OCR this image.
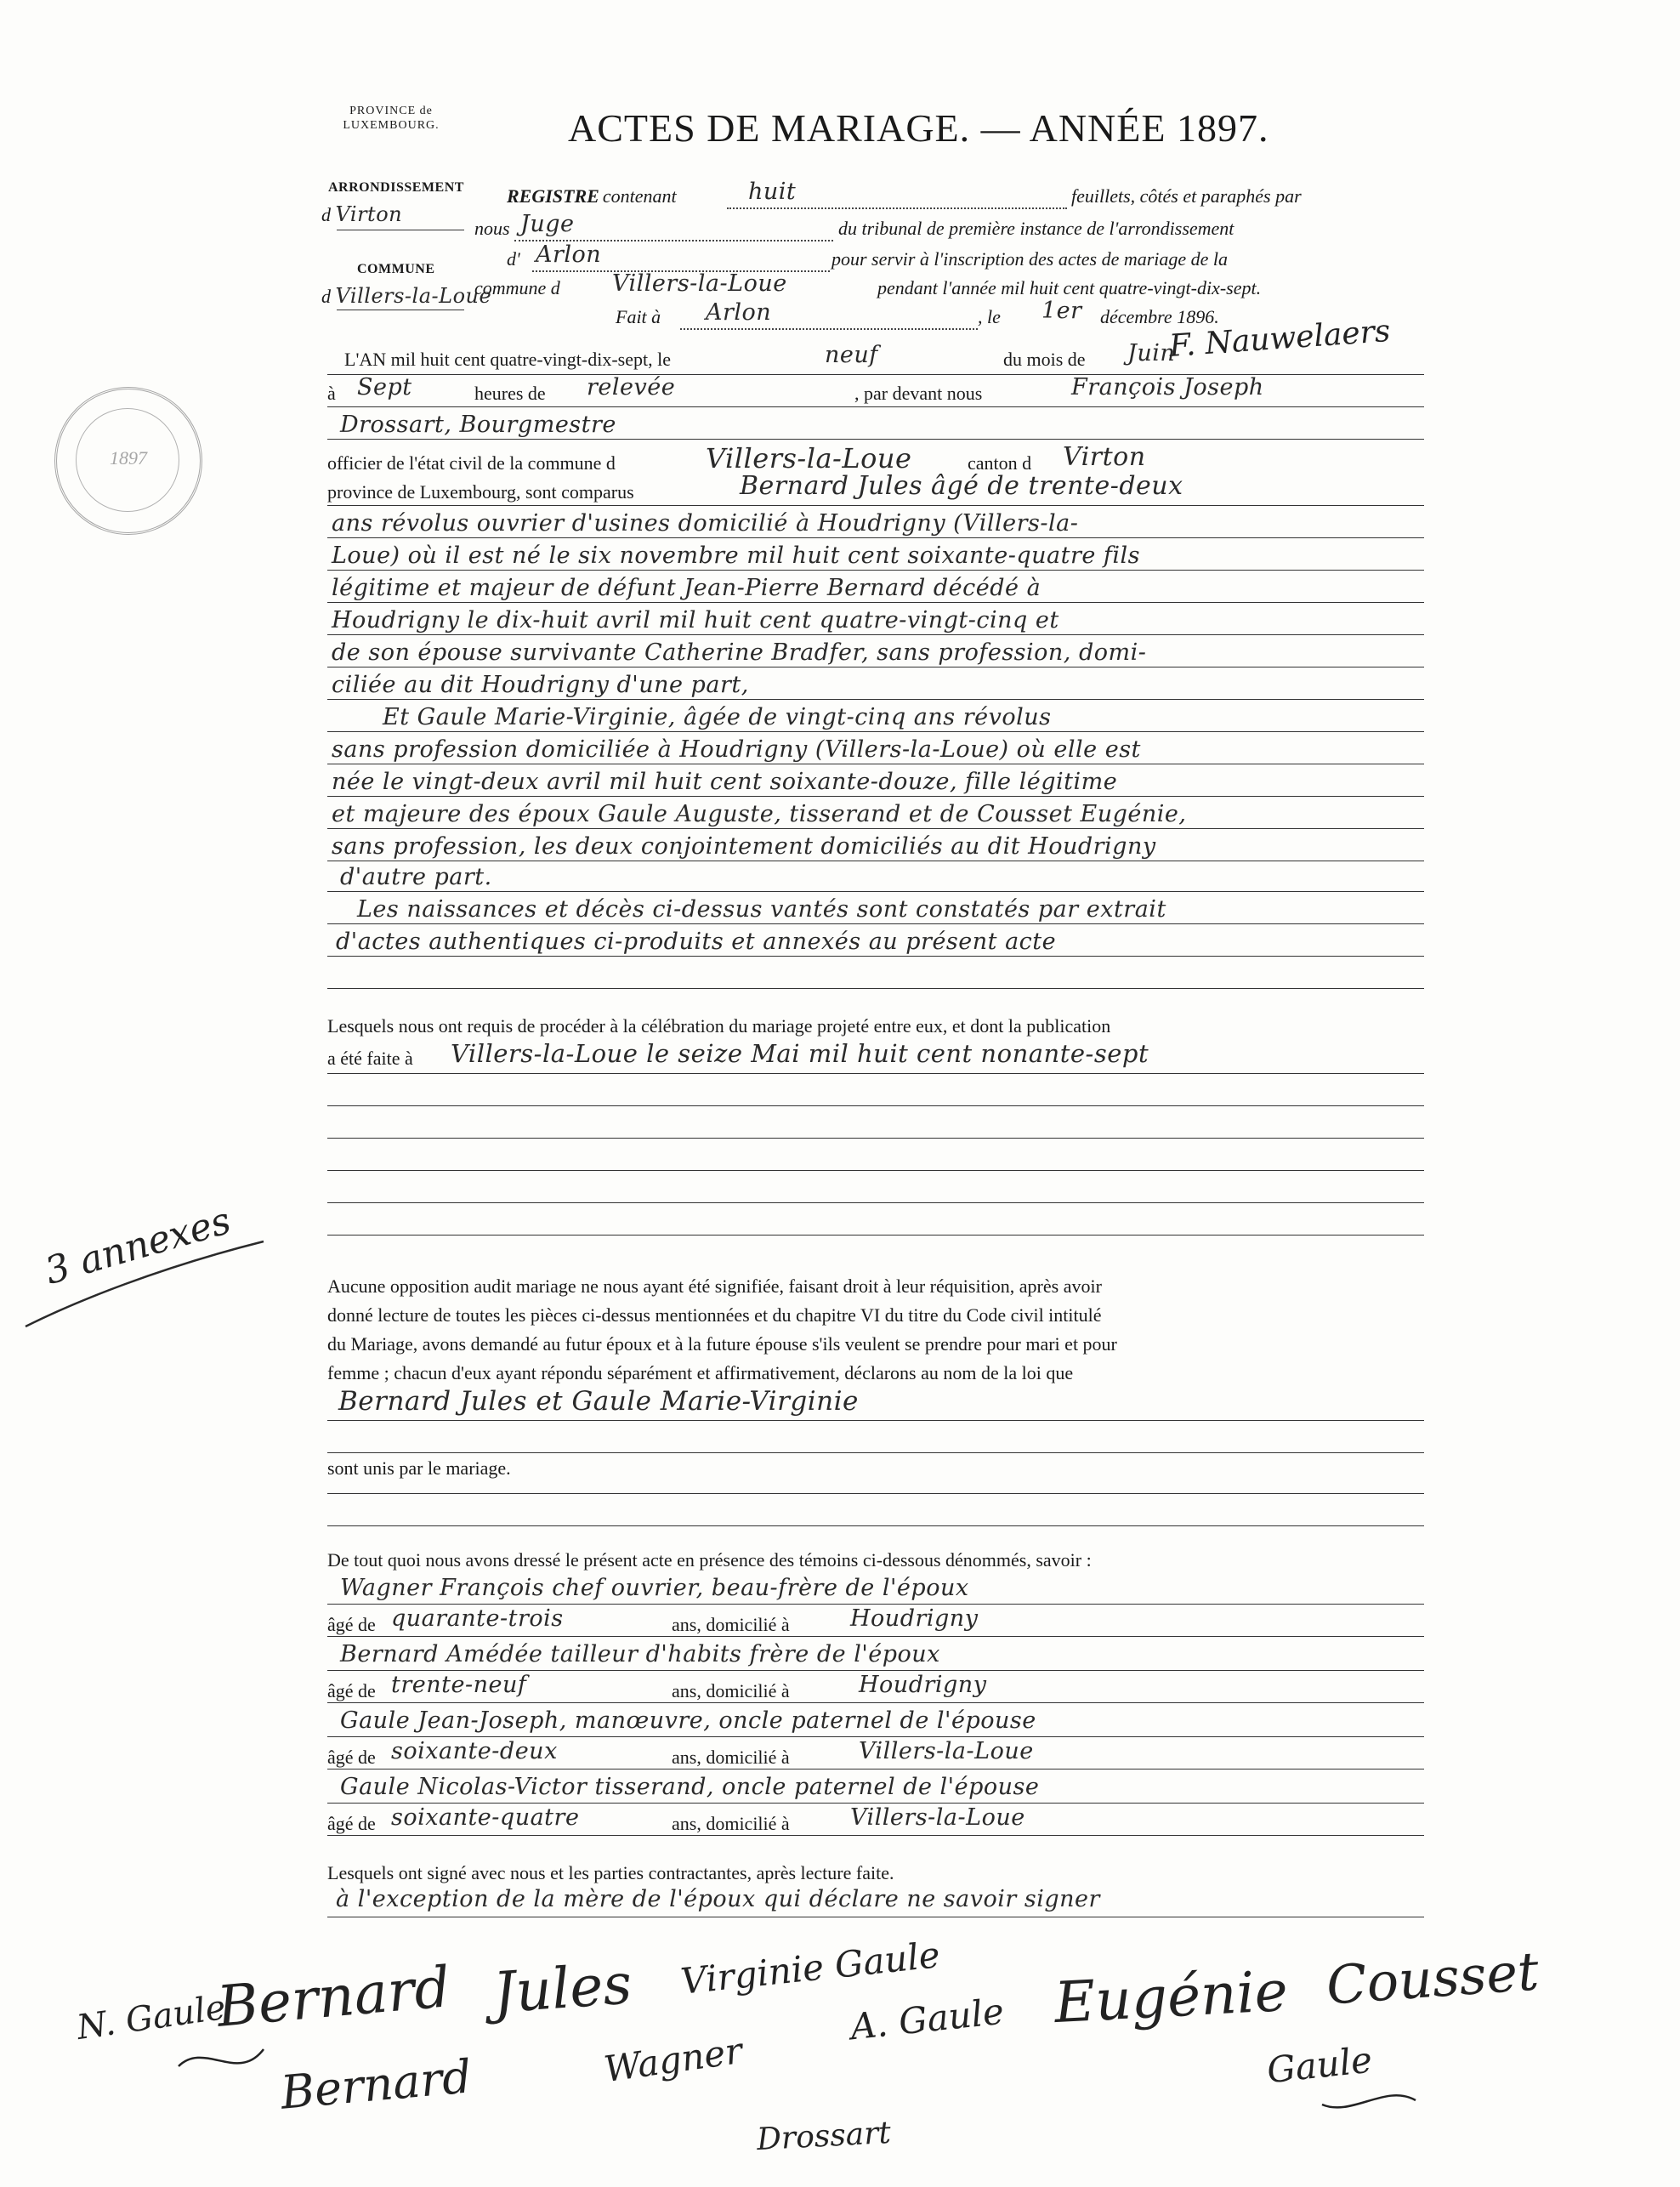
PROVINCE de LUXEMBOURG.	ACTES DE MARIAGE. — ANNÉE 1897.
ARRONDISSEMENT
d Virton
COMMUNE
d Villers-la-Loue
REGISTRE contenant	huit	feuillets, côtés et paraphés par
nous Juge	du tribunal de première instance de l'arrondissement
d' Arlon	pour servir à l'inscription des actes de mariage de la
commune d Villers-la-Loue	pendant l'année mil huit cent quatre-vingt-dix-sept.
Fait à Arlon	, le 1er décembre 1896.
F. Nauwelaers
1897
L'AN mil huit cent quatre-vingt-dix-sept, le	neuf	du mois de Juin
à Sept	heures de relevée	, par devant nous	François Joseph
Drossart, Bourgmestre
officier de l'état civil de la commune d	Villers-la-Loue	canton d Virton
province de Luxembourg, sont comparus	Bernard Jules âgé de trente-deux
ans révolus ouvrier d'usines domicilié à Houdrigny (Villers-la-
Loue) où il est né le six novembre mil huit cent soixante-quatre fils
légitime et majeur de défunt Jean-Pierre Bernard décédé à
Houdrigny le dix-huit avril mil huit cent quatre-vingt-cinq et
de son épouse survivante Catherine Bradfer, sans profession, domi-
ciliée au dit Houdrigny d'une part,
Et Gaule Marie-Virginie, âgée de vingt-cinq ans révolus
sans profession domiciliée à Houdrigny (Villers-la-Loue) où elle est
née le vingt-deux avril mil huit cent soixante-douze, fille légitime
et majeure des époux Gaule Auguste, tisserand et de Cousset Eugénie,
sans profession, les deux conjointement domiciliés au dit Houdrigny
d'autre part.
Les naissances et décès ci-dessus vantés sont constatés par extrait
d'actes authentiques ci-produits et annexés au présent acte
Lesquels nous ont requis de procéder à la célébration du mariage projeté entre eux, et dont la publication
a été faite à Villers-la-Loue le seize Mai mil huit cent nonante-sept
3 annexes	Aucune opposition audit mariage ne nous ayant été signifiée, faisant droit à leur réquisition, après avoir
donné lecture de toutes les pièces ci-dessus mentionnées et du chapitre VI du titre du Code civil intitulé
du Mariage, avons demandé au futur époux et à la future épouse s'ils veulent se prendre pour mari et pour
femme ; chacun d'eux ayant répondu séparément et affirmativement, déclarons au nom de la loi que
Bernard Jules et Gaule Marie-Virginie
sont unis par le mariage.
De tout quoi nous avons dressé le présent acte en présence des témoins ci-dessous dénommés, savoir :
Wagner François chef ouvrier, beau-frère de l'époux
âgé de quarante-trois	ans, domicilié à	Houdrigny
Bernard Amédée tailleur d'habits frère de l'époux
âgé de trente-neuf	ans, domicilié à	Houdrigny
Gaule Jean-Joseph, manœuvre, oncle paternel de l'épouse
âgé de soixante-deux	ans, domicilié à	Villers-la-Loue
Gaule Nicolas-Victor tisserand, oncle paternel de l'épouse
âgé de soixante-quatre	ans, domicilié à	Villers-la-Loue
Lesquels ont signé avec nous et les parties contractantes, après lecture faite.
à l'exception de la mère de l'époux qui déclare ne savoir signer
N. Gaule
Bernard Jules Virginie Gaule Eugénie Cousset
Bernard	Wagner
A. Gaule
Gaule
Drossart
